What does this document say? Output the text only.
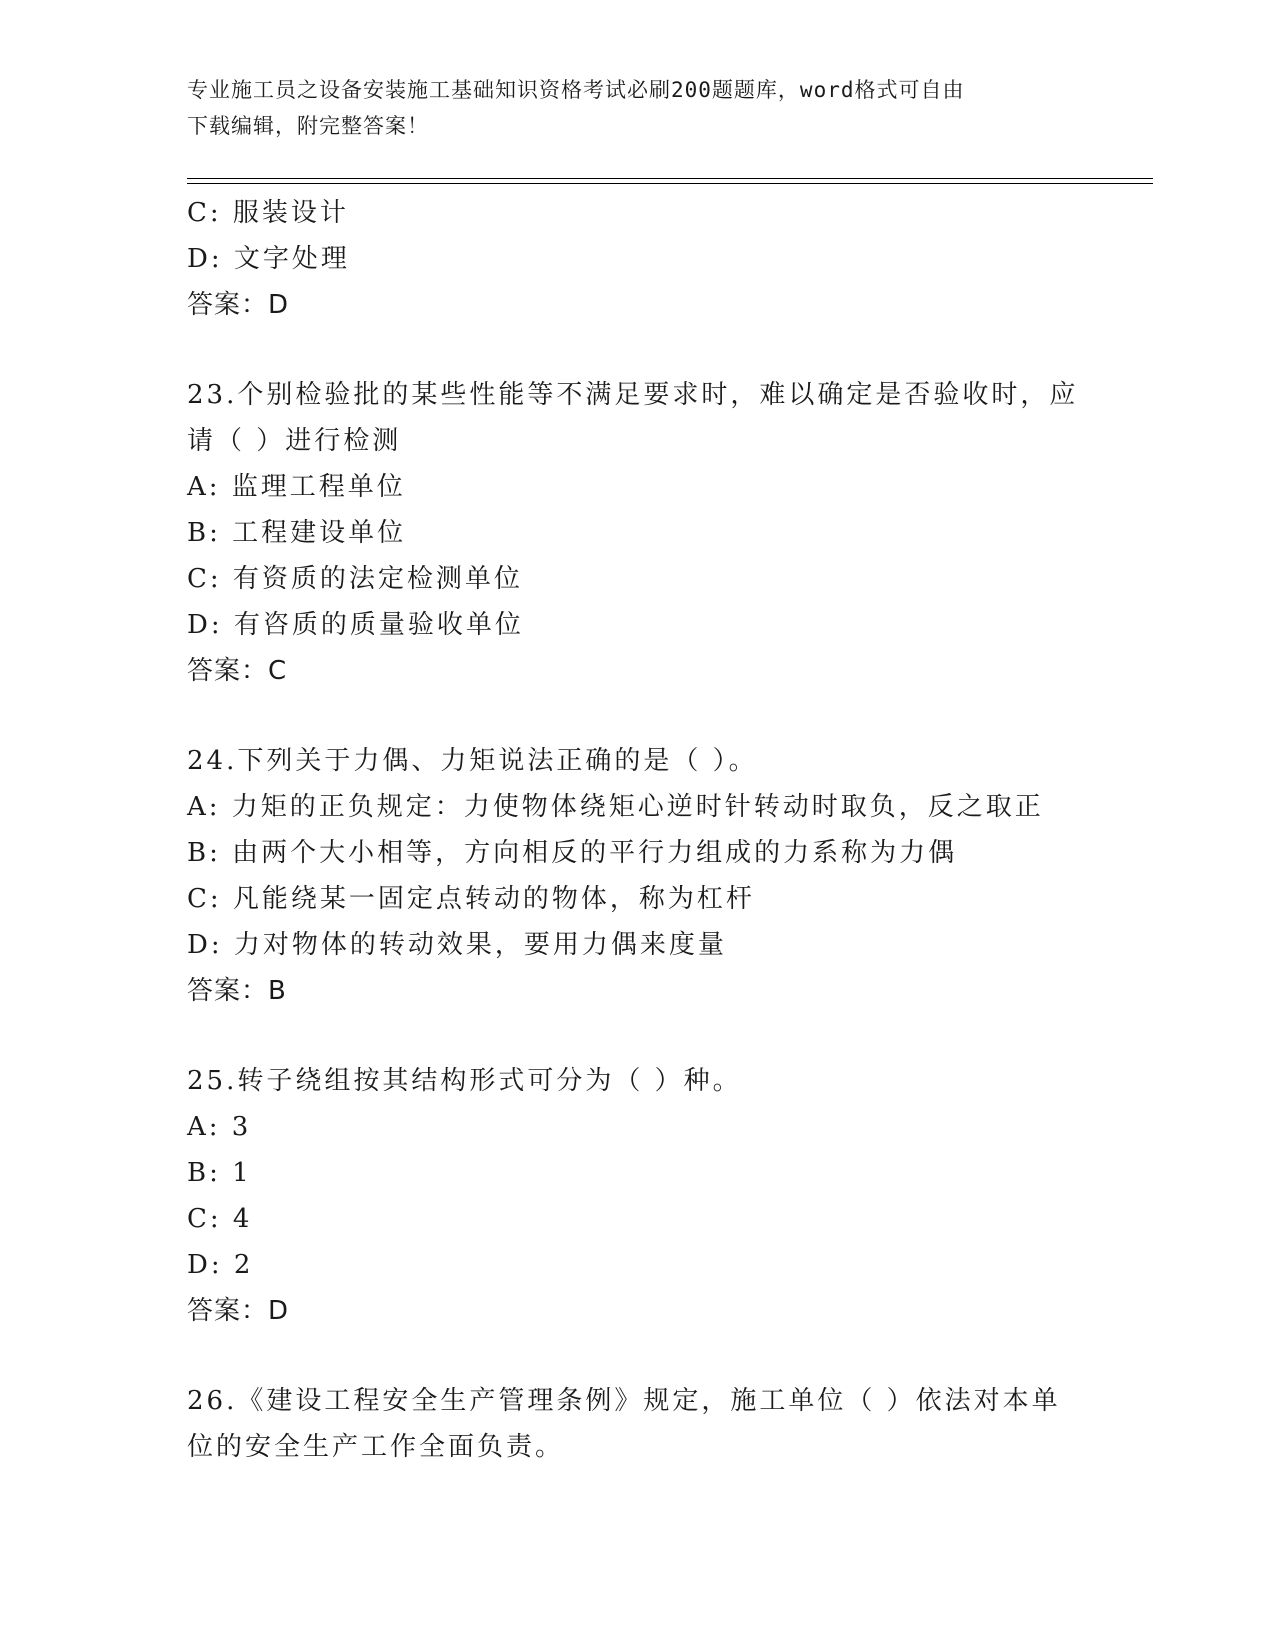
专业施工员之设备安装施工基础知识资格考试必刷200题题库，word格式可自由
下载编辑，附完整答案！
C: 服装设计
D: 文字处理
答案：D
23.个别检验批的某些性能等不满足要求时，难以确定是否验收时，应
请（ ）进行检测
A: 监理工程单位
B: 工程建设单位
C: 有资质的法定检测单位
D: 有咨质的质量验收单位
答案：C
24.下列关于力偶、力矩说法正确的是（ ）。
A: 力矩的正负规定：力使物体绕矩心逆时针转动时取负，反之取正
B: 由两个大小相等，方向相反的平行力组成的力系称为力偶
C: 凡能绕某一固定点转动的物体，称为杠杆
D: 力对物体的转动效果，要用力偶来度量
答案：B
25.转子绕组按其结构形式可分为（ ）种。
A: 3
B: 1
C: 4
D: 2
答案：D
26.《建设工程安全生产管理条例》规定，施工单位（ ）依法对本单
位的安全生产工作全面负责。
